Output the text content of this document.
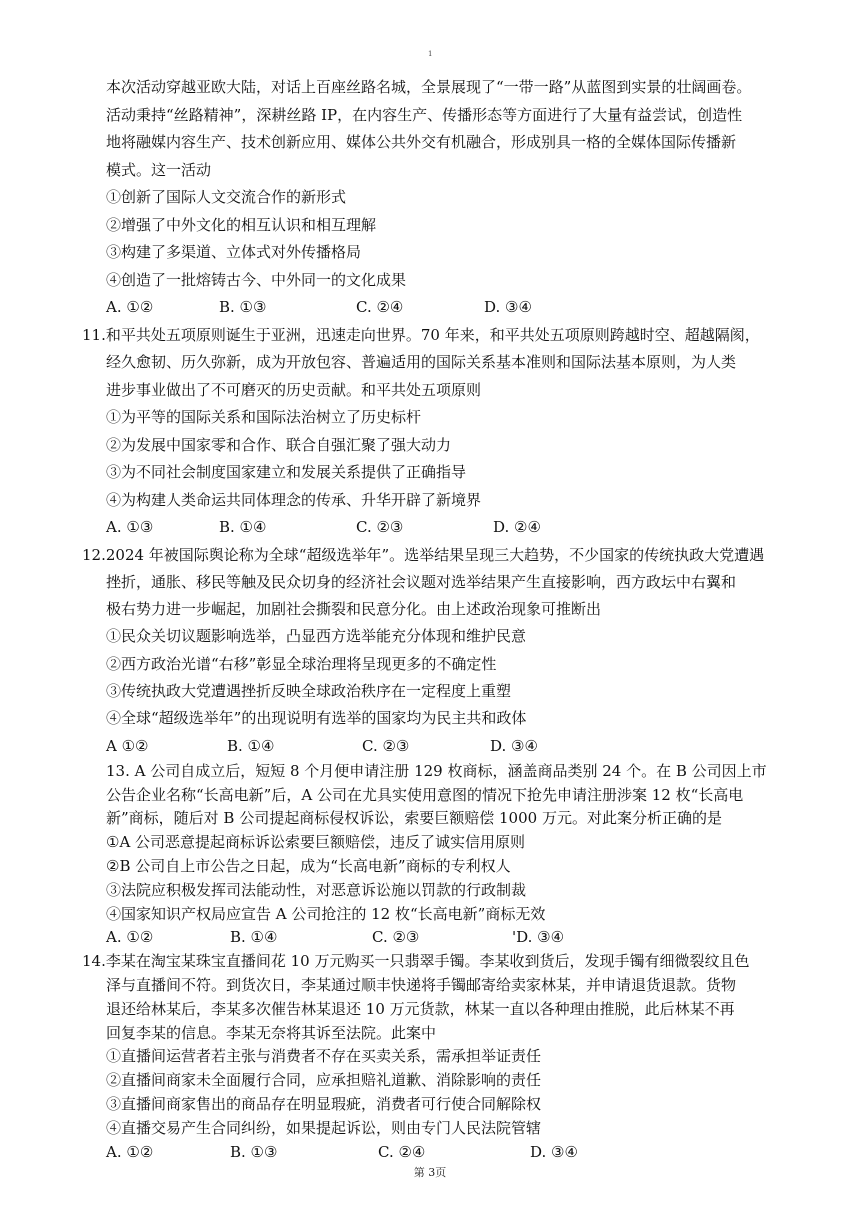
1
本次活动穿越亚欧大陆，对话上百座丝路名城，全景展现了“一带一路”从蓝图到实景的壮阔画卷。
活动秉持“丝路精神”，深耕丝路 IP，在内容生产、传播形态等方面进行了大量有益尝试，创造性
地将融媒内容生产、技术创新应用、媒体公共外交有机融合，形成别具一格的全媒体国际传播新
模式。这一活动
①创新了国际人文交流合作的新形式
②增强了中外文化的相互认识和相互理解
③构建了多渠道、立体式对外传播格局
④创造了一批熔铸古今、中外同一的文化成果
A. ①②	B. ①③	C. ②④	D. ③④
11.和平共处五项原则诞生于亚洲，迅速走向世界。70 年来，和平共处五项原则跨越时空、超越隔阂，
经久愈韧、历久弥新，成为开放包容、普遍适用的国际关系基本准则和国际法基本原则，为人类
进步事业做出了不可磨灭的历史贡献。和平共处五项原则
①为平等的国际关系和国际法治树立了历史标杆
②为发展中国家零和合作、联合自强汇聚了强大动力
③为不同社会制度国家建立和发展关系提供了正确指导
④为构建人类命运共同体理念的传承、升华开辟了新境界
A. ①③	B. ①④	C. ②③	D. ②④
12.2024 年被国际舆论称为全球“超级选举年”。选举结果呈现三大趋势，不少国家的传统执政大党遭遇
挫折，通胀、移民等触及民众切身的经济社会议题对选举结果产生直接影响，西方政坛中右翼和
极右势力进一步崛起，加剧社会撕裂和民意分化。由上述政治现象可推断出
①民众关切议题影响选举，凸显西方选举能充分体现和维护民意
②西方政治光谱“右移”彰显全球治理将呈现更多的不确定性
③传统执政大党遭遇挫折反映全球政治秩序在一定程度上重塑
④全球“超级选举年”的出现说明有选举的国家均为民主共和政体
A ①②	B. ①④	C. ②③	D. ③④
13. A 公司自成立后，短短 8 个月便申请注册 129 枚商标，涵盖商品类别 24 个。在 B 公司因上市
公告企业名称“长高电新”后，A 公司在尤具实使用意图的情况下抢先申请注册涉案 12 枚“长高电
新”商标，随后对 B 公司提起商标侵权诉讼，索要巨额赔偿 1000 万元。对此案分析正确的是
①A 公司恶意提起商标诉讼索要巨额赔偿，违反了诚实信用原则
②B 公司自上市公告之日起，成为“长高电新”商标的专利权人
③法院应积极发挥司法能动性，对恶意诉讼施以罚款的行政制裁
④国家知识产权局应宣告 A 公司抢注的 12 枚“长高电新”商标无效
A. ①②	B. ①④	C. ②③	'D. ③④
14.李某在淘宝某珠宝直播间花 10 万元购买一只翡翠手镯。李某收到货后，发现手镯有细微裂纹且色
泽与直播间不符。到货次日，李某通过顺丰快递将手镯邮寄给卖家林某，并申请退货退款。货物
退还给林某后，李某多次催告林某退还 10 万元货款，林某一直以各种理由推脱，此后林某不再
回复李某的信息。李某无奈将其诉至法院。此案中
①直播间运营者若主张与消费者不存在买卖关系，需承担举证责任
②直播间商家未全面履行合同，应承担赔礼道歉、消除影响的责任
③直播间商家售出的商品存在明显瑕疵，消费者可行使合同解除权
④直播交易产生合同纠纷，如果提起诉讼，则由专门人民法院管辖
A. ①②	B. ①③	C. ②④	D. ③④
第 3页
